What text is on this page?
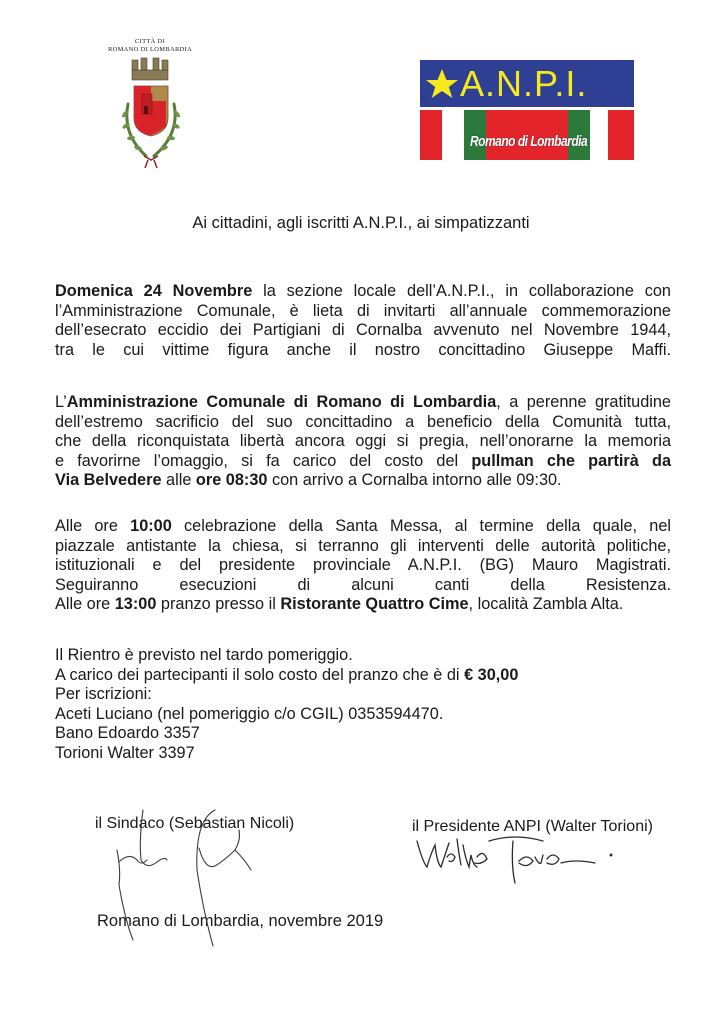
CITTÀ DI
ROMANO DI LOMBARDIA
A.N.P.I.
Romano di Lombardia
Ai cittadini, agli iscritti A.N.P.I., ai simpatizzanti
Domenica 24 Novembre la sezione locale dell’A.N.P.I., in collaborazione con
l’Amministrazione Comunale, è lieta di invitarti all’annuale commemorazione
dell’esecrato eccidio dei Partigiani di Cornalba avvenuto nel Novembre 1944,
tra le cui vittime figura anche il nostro concittadino Giuseppe Maffi.
L’Amministrazione Comunale di Romano di Lombardia, a perenne gratitudine
dell’estremo sacrificio del suo concittadino a beneficio della Comunità tutta,
che della riconquistata libertà ancora oggi si pregia, nell’onorarne la memoria
e favorirne l’omaggio, si fa carico del costo del pullman che partirà da
Via Belvedere alle ore 08:30 con arrivo a Cornalba intorno alle 09:30.
Alle ore 10:00 celebrazione della Santa Messa, al termine della quale, nel
piazzale antistante la chiesa, si terranno gli interventi delle autorità politiche,
istituzionali e del presidente provinciale A.N.P.I. (BG) Mauro Magistrati.
Seguiranno esecuzioni di alcuni canti della Resistenza.
Alle ore 13:00 pranzo presso il Ristorante Quattro Cime, località Zambla Alta.
Il Rientro è previsto nel tardo pomeriggio.
A carico dei partecipanti il solo costo del pranzo che è di € 30,00
Per iscrizioni:
Aceti Luciano (nel pomeriggio c/o CGIL) 0353594470.
Bano Edoardo 3357
Torioni Walter 3397
il Sindaco (Sebastian Nicoli)	il Presidente ANPI (Walter Torioni)
Romano di Lombardia, novembre 2019
